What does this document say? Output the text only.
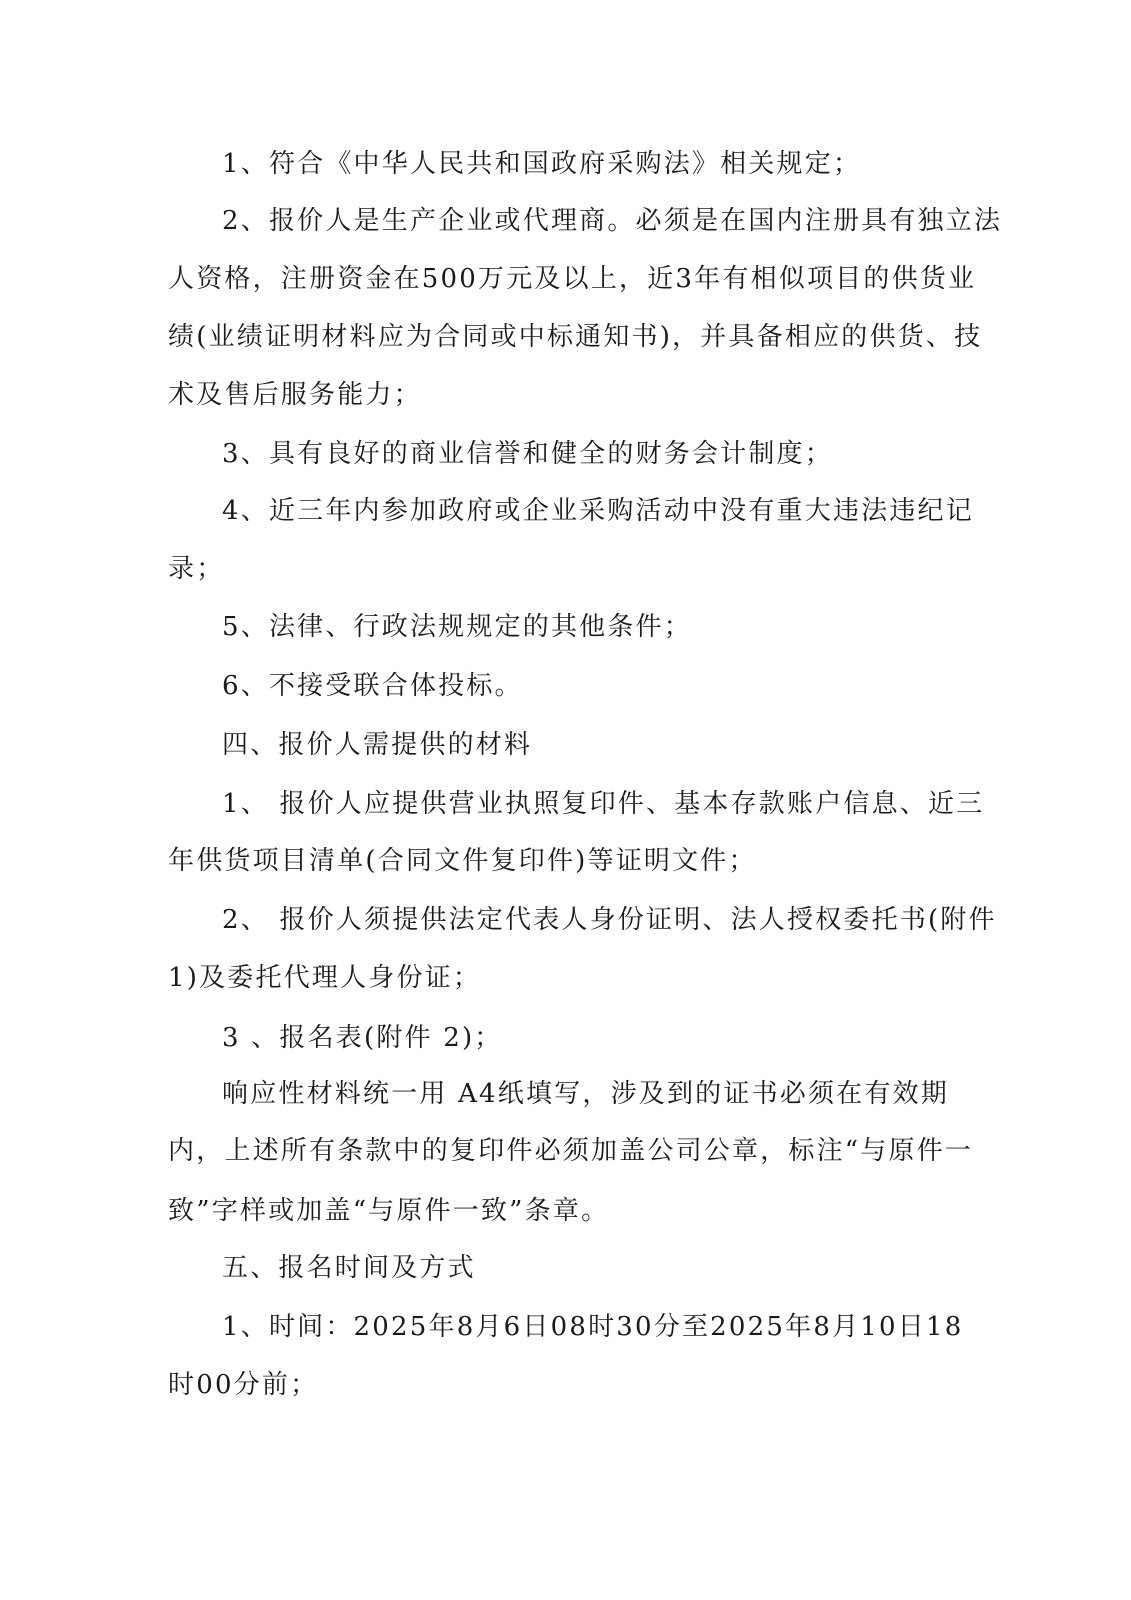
1、符合《中华人民共和国政府采购法》相关规定；

2、报价人是生产企业或代理商。必须是在国内注册具有独立法

人资格，注册资金在500万元及以上，近3年有相似项目的供货业

绩(业绩证明材料应为合同或中标通知书)，并具备相应的供货、技

术及售后服务能力；

3、具有良好的商业信誉和健全的财务会计制度；

4、近三年内参加政府或企业采购活动中没有重大违法违纪记

录；

5、法律、行政法规规定的其他条件；

6、不接受联合体投标。

四、报价人需提供的材料

1、 报价人应提供营业执照复印件、基本存款账户信息、近三

年供货项目清单(合同文件复印件)等证明文件；

2、 报价人须提供法定代表人身份证明、法人授权委托书(附件

1)及委托代理人身份证；

3 、报名表(附件 2)；

响应性材料统一用 A4纸填写，涉及到的证书必须在有效期

内，上述所有条款中的复印件必须加盖公司公章，标注“与原件一

致”字样或加盖“与原件一致”条章。

五、报名时间及方式

1、时间：2025年8月6日08时30分至2025年8月10日18

时00分前；
